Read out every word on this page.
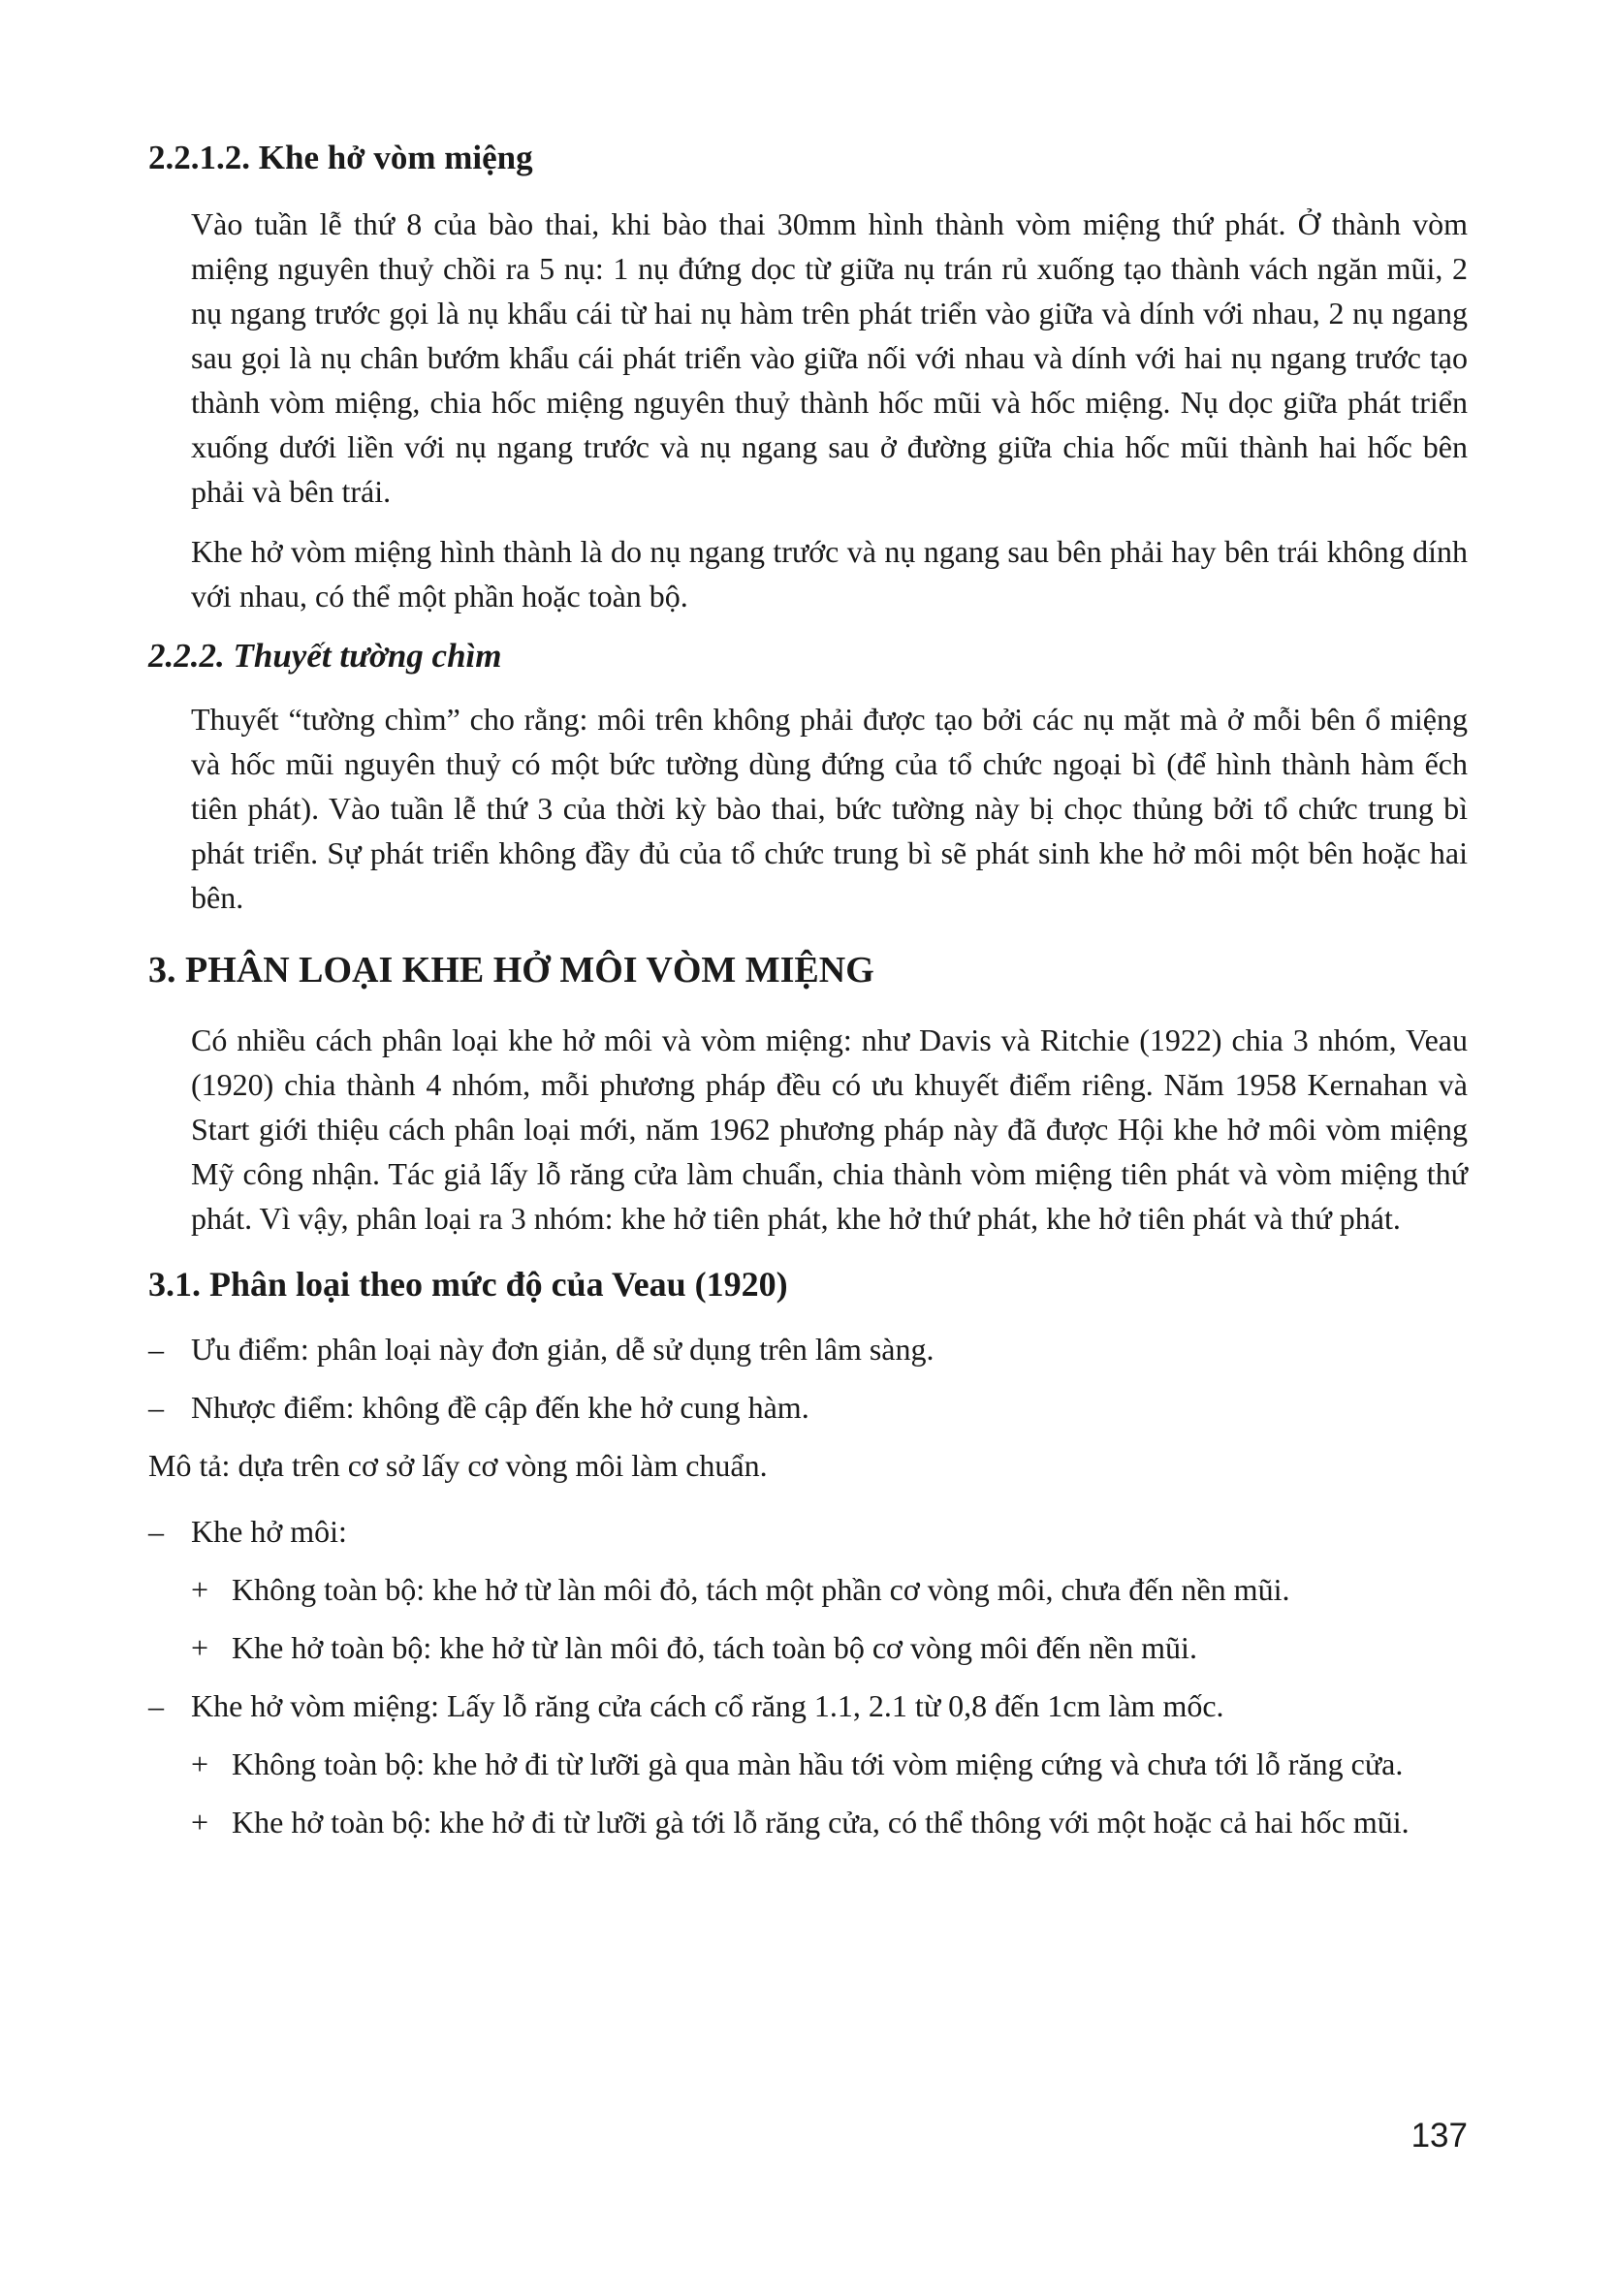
2.2.1.2. Khe hở vòm miệng

Vào tuần lễ thứ 8 của bào thai, khi bào thai 30mm hình thành vòm miệng thứ phát. Ở thành vòm miệng nguyên thuỷ chồi ra 5 nụ: 1 nụ đứng dọc từ giữa nụ trán rủ xuống tạo thành vách ngăn mũi, 2 nụ ngang trước gọi là nụ khẩu cái từ hai nụ hàm trên phát triển vào giữa và dính với nhau, 2 nụ ngang sau gọi là nụ chân bướm khẩu cái phát triển vào giữa nối với nhau và dính với hai nụ ngang trước tạo thành vòm miệng, chia hốc miệng nguyên thuỷ thành hốc mũi và hốc miệng. Nụ dọc giữa phát triển xuống dưới liền với nụ ngang trước và nụ ngang sau ở đường giữa chia hốc mũi thành hai hốc bên phải và bên trái.

Khe hở vòm miệng hình thành là do nụ ngang trước và nụ ngang sau bên phải hay bên trái không dính với nhau, có thể một phần hoặc toàn bộ.

2.2.2. Thuyết tường chìm

Thuyết “tường chìm” cho rằng: môi trên không phải được tạo bởi các nụ mặt mà ở mỗi bên ổ miệng và hốc mũi nguyên thuỷ có một bức tường dùng đứng của tổ chức ngoại bì (để hình thành hàm ếch tiên phát). Vào tuần lễ thứ 3 của thời kỳ bào thai, bức tường này bị chọc thủng bởi tổ chức trung bì phát triển. Sự phát triển không đầy đủ của tổ chức trung bì sẽ phát sinh khe hở môi một bên hoặc hai bên.

3. PHÂN LOẠI KHE HỞ MÔI VÒM MIỆNG

Có nhiều cách phân loại khe hở môi và vòm miệng: như Davis và Ritchie (1922) chia 3 nhóm, Veau (1920) chia thành 4 nhóm, mỗi phương pháp đều có ưu khuyết điểm riêng. Năm 1958 Kernahan và Start giới thiệu cách phân loại mới, năm 1962 phương pháp này đã được Hội khe hở môi vòm miệng Mỹ công nhận. Tác giả lấy lỗ răng cửa làm chuẩn, chia thành vòm miệng tiên phát và vòm miệng thứ phát. Vì vậy, phân loại ra 3 nhóm: khe hở tiên phát, khe hở thứ phát, khe hở tiên phát và thứ phát.

3.1. Phân loại theo mức độ của Veau (1920)
– Ưu điểm: phân loại này đơn giản, dễ sử dụng trên lâm sàng.
– Nhược điểm: không đề cập đến khe hở cung hàm.

Mô tả: dựa trên cơ sở lấy cơ vòng môi làm chuẩn.

– Khe hở môi:
+ Không toàn bộ: khe hở từ làn môi đỏ, tách một phần cơ vòng môi, chưa đến nền mũi.
+ Khe hở toàn bộ: khe hở từ làn môi đỏ, tách toàn bộ cơ vòng môi đến nền mũi.
– Khe hở vòm miệng: Lấy lỗ răng cửa cách cổ răng 1.1, 2.1 từ 0,8 đến 1cm làm mốc.
+ Không toàn bộ: khe hở đi từ lưỡi gà qua màn hầu tới vòm miệng cứng và chưa tới lỗ răng cửa.
+ Khe hở toàn bộ: khe hở đi từ lưỡi gà tới lỗ răng cửa, có thể thông với một hoặc cả hai hốc mũi.
137
